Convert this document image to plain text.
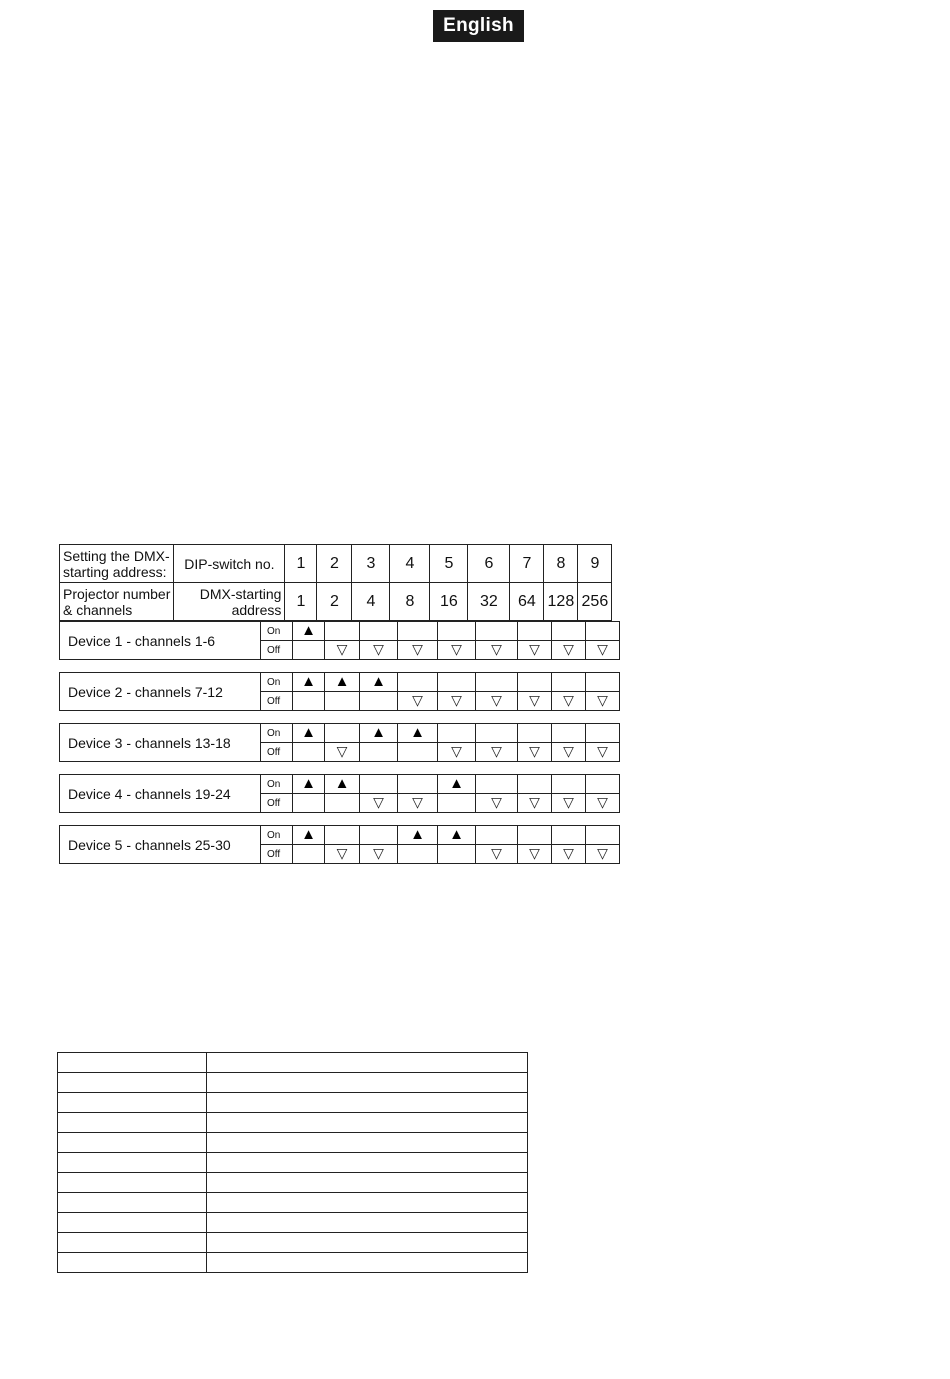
English
Setting the DMX-
starting address:	DIP-switch no.	1	2	3	4	5	6	7	8	9
Projector number
& channels	DMX-starting
address	1	2	4	8	16	32	64	128	256
Device 1 - channels 1-6	On	▲								
	Off		▽	▽	▽	▽	▽	▽	▽	▽
Device 2 - channels 7-12	On	▲	▲	▲						
	Off				▽	▽	▽	▽	▽	▽
Device 3 - channels 13-18	On	▲		▲	▲					
	Off		▽			▽	▽	▽	▽	▽
Device 4 - channels 19-24	On	▲	▲			▲				
	Off			▽	▽		▽	▽	▽	▽
Device 5 - channels 25-30	On	▲			▲	▲				
	Off		▽	▽			▽	▽	▽	▽
